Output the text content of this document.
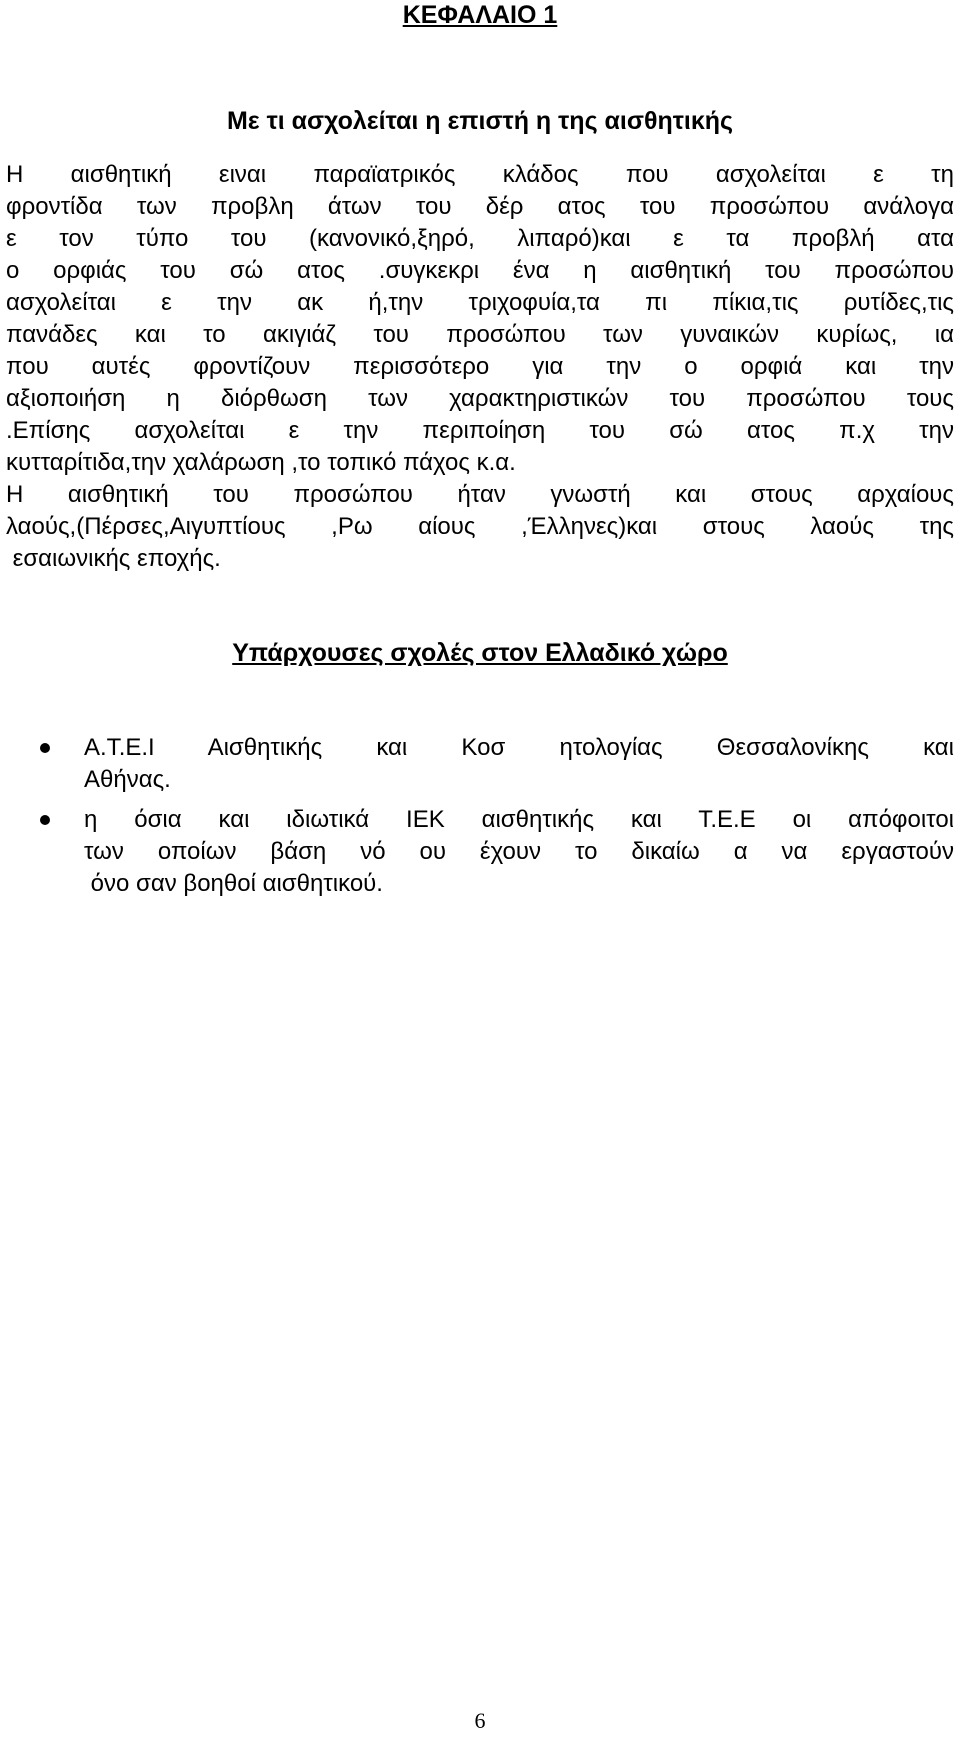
ΚΕΦΑΛΑΙΟ 1
Με τι ασχολείται η επιστή η της αισθητικής
Η αισθητική ειναι παραϊατρικός κλάδος που ασχολείται ε τη
φροντίδα των προβλη άτων του δέρ ατος του προσώπου ανάλογα
ε τον τύπο του (κανονικό,ξηρό, λιπαρό)και ε τα προβλή ατα
ο ορφιάς του σώ ατος .συγκεκρι ένα η αισθητική του προσώπου
ασχολείται ε την ακ ή,την τριχοφυία,τα πι πίκια,τις ρυτίδες,τις
πανάδες και το ακιγιάζ του προσώπου των γυναικών κυρίως, ια
που αυτές φροντίζουν περισσότερο για την ο ορφιά και την
αξιοποιήση η διόρθωση των χαρακτηριστικών του προσώπου τους
.Επίσης ασχολείται ε την περιποίηση του σώ ατος π.χ την
κυτταρίτιδα,την χαλάρωση ,το τοπικό πάχος κ.α.
Η αισθητική του προσώπου ήταν γνωστή και στους αρχαίους
λαούς,(Πέρσες,Αιγυπτίους ,Ρω αίους ,Έλληνες)και στους λαούς της
εσαιωνικής εποχής.
Υπάρχουσες σχολές στον Ελλαδικό χώρο
Α.Τ.Ε.Ι Αισθητικής και Κοσ ητολογίας Θεσσαλονίκης και
Αθήνας.
η όσια και ιδιωτικά ΙΕΚ αισθητικής και Τ.Ε.Ε οι απόφοιτοι
των οποίων βάση νό ου έχουν το δικαίω α να εργαστούν
όνο σαν βοηθοί αισθητικού.
6
